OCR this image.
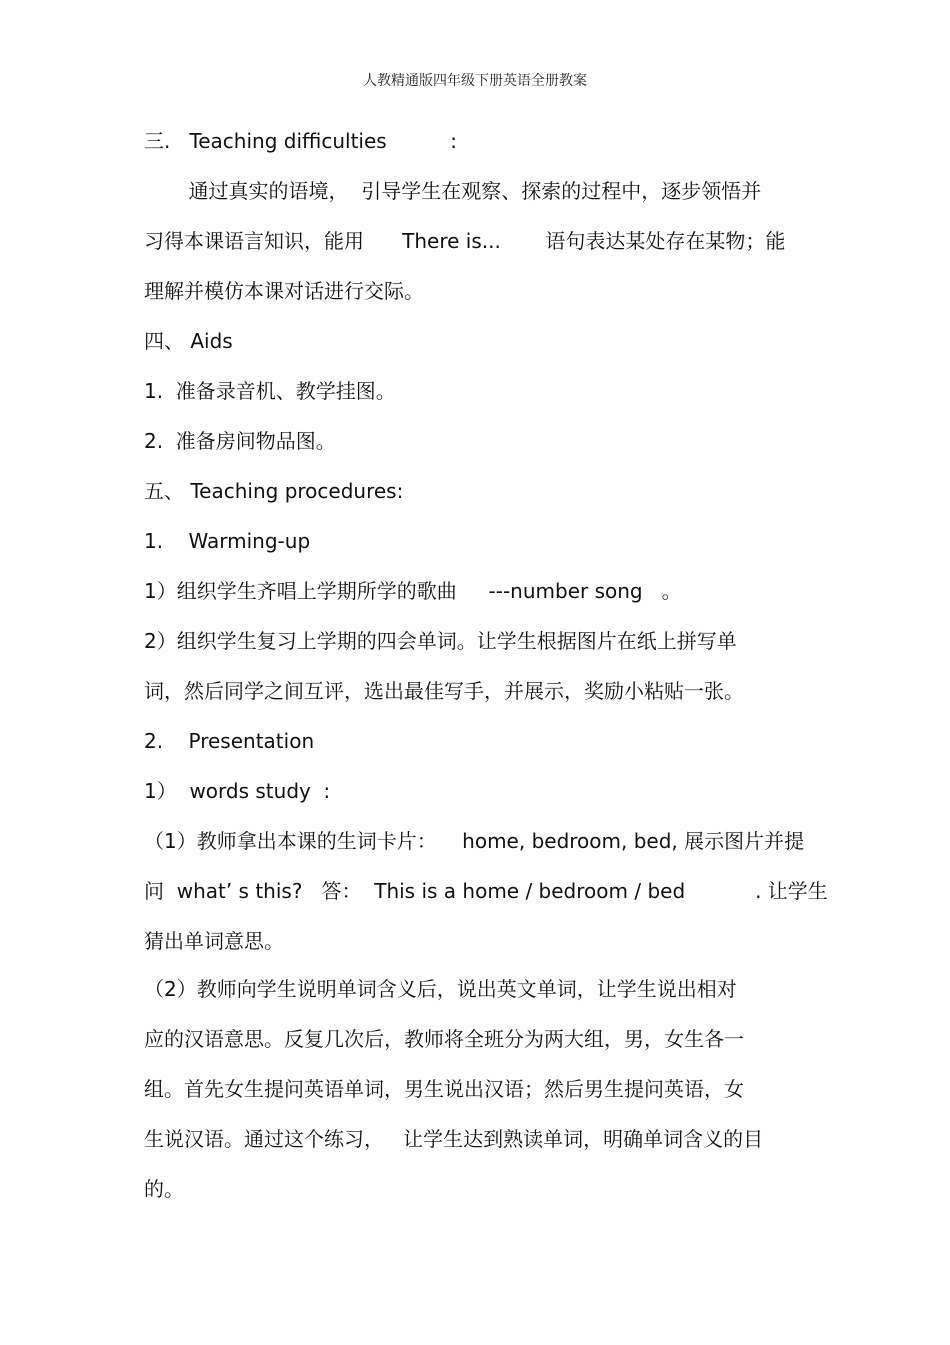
人教精通版四年级下册英语全册教案
三.   Teaching difficulties          :
通过真实的语境，  引导学生在观察、探索的过程中，逐步领悟并
习得本课语言知识，能用      There is...       语句表达某处存在某物；能
理解并模仿本课对话进行交际。
四、 Aids
1.  准备录音机、教学挂图。
2.  准备房间物品图。
五、 Teaching procedures:
1.    Warming-up
1）组织学生齐唱上学期所学的歌曲     ---number song   。
2）组织学生复习上学期的四会单词。让学生根据图片在纸上拼写单
词，然后同学之间互评，选出最佳写手，并展示，奖励小粘贴一张。
2.    Presentation
1）  words study  :
（1）教师拿出本课的生词卡片：    home, bedroom, bed, 展示图片并提
问  what’ s this?   答：  This is a home / bedroom / bed           . 让学生
猜出单词意思。
（2）教师向学生说明单词含义后，说出英文单词，让学生说出相对
应的汉语意思。反复几次后，教师将全班分为两大组，男，女生各一
组。首先女生提问英语单词，男生说出汉语；然后男生提问英语，女
生说汉语。通过这个练习，   让学生达到熟读单词，明确单词含义的目
的。
